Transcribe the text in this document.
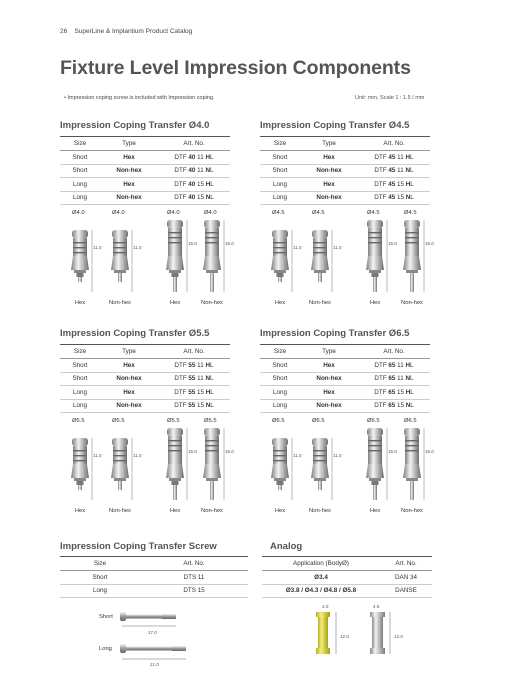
26 SuperLine & Implantium Product Catalog
Fixture Level Impression Components
• Impression coping screw is included with Impression coping.	Unit: mm, Scale 1 : 1.5 / mm
Impression Coping Transfer Ø4.0
Size	Type	Art. No.
Short	Hex	DTF 40 11 HL
Short	Non-hex	DTF 40 11 NL
Long	Hex	DTF 40 15 HL
Long	Non-hex	DTF 40 15 NL
Ø4.0
11.0
Hex
Ø4.0
11.0
Non-hex
Ø4.0
15.0
Hex
Ø4.0
15.0
Non-hex
Impression Coping Transfer Ø4.5
Size	Type	Art. No.
Short	Hex	DTF 45 11 HL
Short	Non-hex	DTF 45 11 NL
Long	Hex	DTF 45 15 HL
Long	Non-hex	DTF 45 15 NL
Ø4.5
11.0
Hex
Ø4.5
11.0
Non-hex
Ø4.5
15.0
Hex
Ø4.5
15.0
Non-hex
Impression Coping Transfer Ø5.5
Size	Type	Art. No.
Short	Hex	DTF 55 11 HL
Short	Non-hex	DTF 55 11 NL
Long	Hex	DTF 55 15 HL
Long	Non-hex	DTF 55 15 NL
Ø5.5
11.0
Hex
Ø5.5
11.0
Non-hex
Ø5.5
15.0
Hex
Ø5.5
15.0
Non-hex
Impression Coping Transfer Ø6.5
Size	Type	Art. No.
Short	Hex	DTF 65 11 HL
Short	Non-hex	DTF 65 11 NL
Long	Hex	DTF 65 15 HL
Long	Non-hex	DTF 65 15 NL
Ø6.5
11.0
Hex
Ø6.5
11.0
Non-hex
Ø6.5
15.0
Hex
Ø6.5
15.0
Non-hex
Impression Coping Transfer Screw
Size	Art. No.
Short	DTS 11
Long	DTS 15
Short
Long
17.0
21.0
Analog
Application (BodyØ)	Art. No.
Ø3.4	DAN 34
Ø3.8 / Ø4.3 / Ø4.8 / Ø5.8	DANSE
4.0	4.5
12.0	12.0
